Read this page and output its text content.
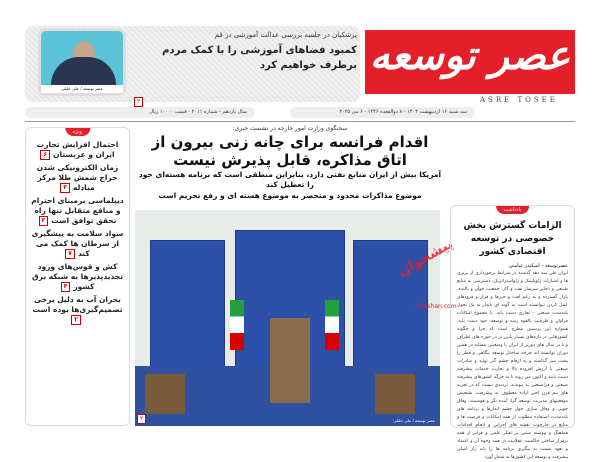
عصر توسعه / علی خلیلی
پزشکیان در جلسه بررسی عدالت آموزشی در قم
کمبود فضاهای آموزشی را با کمک مردم برطرف خواهیم کرد
۲
عصر توسعه
ASRE TOSEE
سه شنبه ۱۶ اردیبهشت ۱۴۰۴ - ۸ ذوالقعده ۱۴۴۶ - ۶ می ۲۰۲۵
سال یازدهم - شماره ۲۰۱۱ - قیمت ۱۰۰۰۰ ریال
ویژه
احتمال افزایش تجارت ایران و عربستان۶
زمان الکترونیکی شدن حراج شمش طلا مرکز مبادله۳
دیپلماسی برمبنای احترام و منافع متقابل تنها راه تحقق توافق است۲
سواد سلامت به پیشگیری از سرطان ها کمک می کند۷
کش و قوس‌های ورود تجدیدپذیرها به شبکه برق کشور۴
بحران آب به دلیل برخی تصمیم‌گیری‌ها بوده است۲
سخنگوی وزارت امور خارجه در نشست خبری:
اقدام فرانسه برای چانه زنی بیرون از اتاق مذاکره، قابل پذیرش نیست
آمریکا بیش از ایران منابع نفتی دارد، بنابراین منطقی است که برنامه هسته‌ای خود را تعطیل کند
موضوع مذاکرات محدود و منحصر به موضوع هسته ای و رفع تحریم است
عصر توسعه / علی خلیلی
۲
پیشخوان
Pishkhan.com
یادداشت
الزامات گسترش بخش خصوصی در توسعه اقتصادی کشور
عصرتوسعه - اسکندر عباسی
ایران طی سه دهه گذشته در شرایط برخورداری از برتری ها و امتیازات ژئوپلیتیک و ژئواستراتژیک، دسترسی به منابع طبیعی و ذخایر سرشار نفت و گاز، جمعیت جوان و بالنده، بازار گسترده و به رغم افت و خیزها و فراز و فرودهای عمل کردن نتوانسته است به گونه ای پایدار به یک تحول بلندمدت صنعتی - تجاری دست یابد. با مجموع امکانات فراوان و ظرفیت بالقوه رشد و توسعه، خود دست یابد. همواره این پرسش مطرح است که چرا و چگونه کشورهایی در بازه‌های بسیار پایین تر در حوزه های اطراف و یا در سال های دورتر از ایران با وضعیتی مشابه در همین دوران توانسته اند چرخه ساختار توسعه بنگاهی و قطر را پشت سر گذاشته و به ارقام چشم گیر تولید و صادرات صنعتی با ارزش افزوده بالا و تجارت خدمات پیشرفته دست یابند و اکنون می روند تا به جرگه کشورهای پیشرفته صنعتی و فراصنعتی به پیوندند. تردیدی نیست که در تجربه های نیم قرن اخیر اراده معطوف به پیشرفت، تشخیص موقعیتهای مدیریت توسعه گرا، آینده نگر و هوشمند، وفاق جویی و وفاق سازی حول چشم اندازها و برنامه های بلندمدت، استفاده مطلوب از همه امکانات و فرصت ها و منابع در چارچوب نقشه های اجرایی و انجام اقدامات هماهنگ و پیوسته مبتنی بر تفکر علمی و فراتر از همه برقرار ساختن حاکمیت عقلانیت در همه وجوه آن و اعتماد و تعهد نسبت به پیگیری برنامه ها را باید راز اصلی پیشرفت و توسعه این کشورها به شمار آورد.
